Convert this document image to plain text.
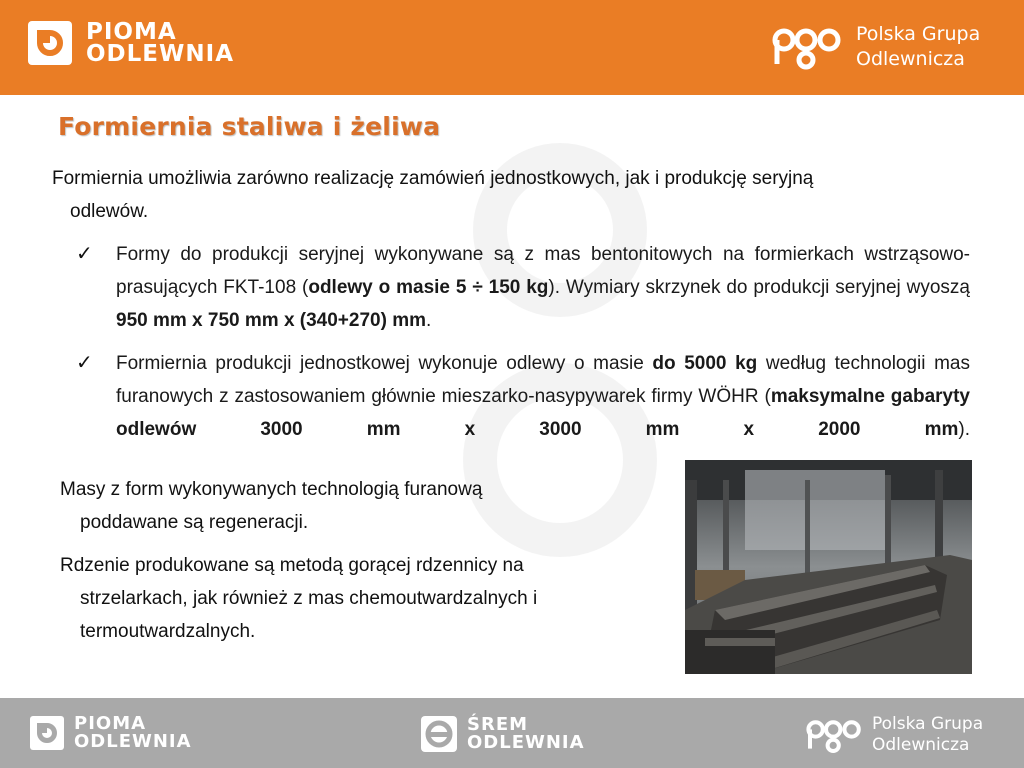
PIOMA
ODLEWNIA
Polska Grupa
Odlewnicza
Formiernia staliwa i żeliwa
Formiernia umożliwia zarówno realizację zamówień jednostkowych, jak i produkcję seryjną
odlewów.
✓	Formy do produkcji seryjnej wykonywane są z mas bentonitowych na formierkach wstrząsowo-prasujących FKT-108 (odlewy o masie 5 ÷ 150 kg). Wymiary skrzynek do produkcji seryjnej wyoszą 950 mm x 750 mm x (340+270) mm.
✓	Formiernia produkcji jednostkowej wykonuje odlewy o masie do 5000 kg według technologii mas furanowych z zastosowaniem głównie mieszarko-nasypywarek firmy WÖHR (maksymalne gabaryty odlewów 3000 mm x 3000 mm x 2000 mm).
Masy z form wykonywanych technologią furanową
poddawane są regeneracji.
Rdzenie produkowane są metodą gorącej rdzennicy na
strzelarkach, jak również z mas chemoutwardzalnych i
termoutwardzalnych.
PIOMA
ODLEWNIA
ŚREM
ODLEWNIA
Polska Grupa
Odlewnicza
